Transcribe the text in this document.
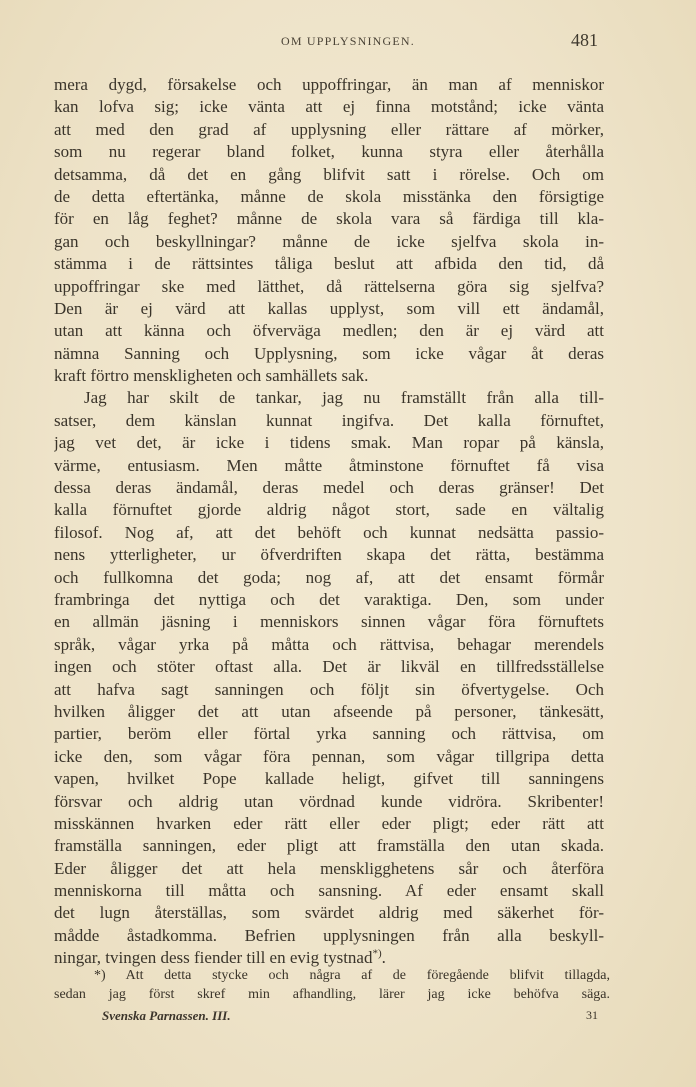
OM UPPLYSNINGEN.	481
mera dygd, försakelse och uppoffringar, än man af menniskor
kan lofva sig; icke vänta att ej finna motstånd; icke vänta
att med den grad af upplysning eller rättare af mörker,
som nu regerar bland folket, kunna styra eller återhålla
detsamma, då det en gång blifvit satt i rörelse. Och om
de detta eftertänka, månne de skola misstänka den försigtige
för en låg feghet? månne de skola vara så färdiga till kla-
gan och beskyllningar? månne de icke sjelfva skola in-
stämma i de rättsintes tåliga beslut att afbida den tid, då
uppoffringar ske med lätthet, då rättelserna göra sig sjelfva?
Den är ej värd att kallas upplyst, som vill ett ändamål,
utan att känna och öfverväga medlen; den är ej värd att
nämna Sanning och Upplysning, som icke vågar åt deras
kraft förtro menskligheten och samhällets sak.
Jag har skilt de tankar, jag nu framställt från alla till-
satser, dem känslan kunnat ingifva. Det kalla förnuftet,
jag vet det, är icke i tidens smak. Man ropar på känsla,
värme, entusiasm. Men måtte åtminstone förnuftet få visa
dessa deras ändamål, deras medel och deras gränser! Det
kalla förnuftet gjorde aldrig något stort, sade en vältalig
filosof. Nog af, att det behöft och kunnat nedsätta passio-
nens ytterligheter, ur öfverdriften skapa det rätta, bestämma
och fullkomna det goda; nog af, att det ensamt förmår
frambringa det nyttiga och det varaktiga. Den, som under
en allmän jäsning i menniskors sinnen vågar föra förnuftets
språk, vågar yrka på måtta och rättvisa, behagar merendels
ingen och stöter oftast alla. Det är likväl en tillfredsställelse
att hafva sagt sanningen och följt sin öfvertygelse. Och
hvilken åligger det att utan afseende på personer, tänkesätt,
partier, beröm eller förtal yrka sanning och rättvisa, om
icke den, som vågar föra pennan, som vågar tillgripa detta
vapen, hvilket Pope kallade heligt, gifvet till sanningens
försvar och aldrig utan vördnad kunde vidröra. Skribenter!
misskännen hvarken eder rätt eller eder pligt; eder rätt att
framställa sanningen, eder pligt att framställa den utan skada.
Eder åligger det att hela menskligghetens sår och återföra
menniskorna till måtta och sansning. Af eder ensamt skall
det lugn återställas, som svärdet aldrig med säkerhet för-
mådde åstadkomma. Befrien upplysningen från alla beskyll-
ningar, tvingen dess fiender till en evig tystnad*).
*) Att detta stycke och några af de föregående blifvit tillagda,
sedan jag först skref min afhandling, lärer jag icke behöfva säga.
Svenska Parnassen. III.	31
